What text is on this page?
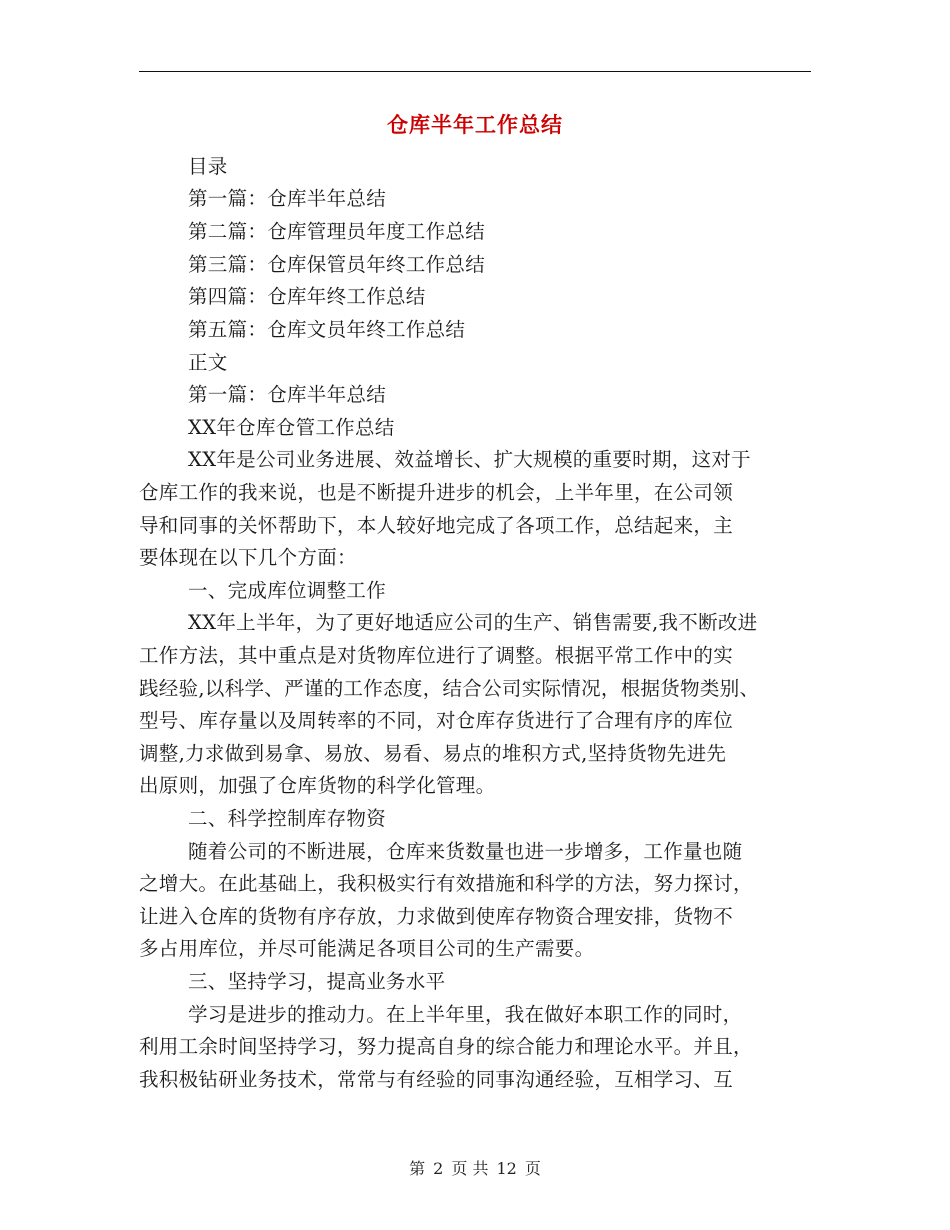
仓库半年工作总结
目录
第一篇：仓库半年总结
第二篇：仓库管理员年度工作总结
第三篇：仓库保管员年终工作总结
第四篇：仓库年终工作总结
第五篇：仓库文员年终工作总结
正文
第一篇：仓库半年总结
XX年仓库仓管工作总结
XX年是公司业务进展、效益增长、扩大规模的重要时期，这对于
仓库工作的我来说，也是不断提升进步的机会，上半年里，在公司领
导和同事的关怀帮助下，本人较好地完成了各项工作，总结起来，主
要体现在以下几个方面：
一、完成库位调整工作
XX年上半年，为了更好地适应公司的生产、销售需要,我不断改进
工作方法，其中重点是对货物库位进行了调整。根据平常工作中的实
践经验,以科学、严谨的工作态度，结合公司实际情况，根据货物类别、
型号、库存量以及周转率的不同，对仓库存货进行了合理有序的库位
调整,力求做到易拿、易放、易看、易点的堆积方式,坚持货物先进先
出原则，加强了仓库货物的科学化管理。
二、科学控制库存物资
随着公司的不断进展，仓库来货数量也进一步增多，工作量也随
之增大。在此基础上，我积极实行有效措施和科学的方法，努力探讨，
让进入仓库的货物有序存放，力求做到使库存物资合理安排，货物不
多占用库位，并尽可能满足各项目公司的生产需要。
三、坚持学习，提高业务水平
学习是进步的推动力。在上半年里，我在做好本职工作的同时，
利用工余时间坚持学习，努力提高自身的综合能力和理论水平。并且，
我积极钻研业务技术，常常与有经验的同事沟通经验，互相学习、互
第 2 页 共 12 页
